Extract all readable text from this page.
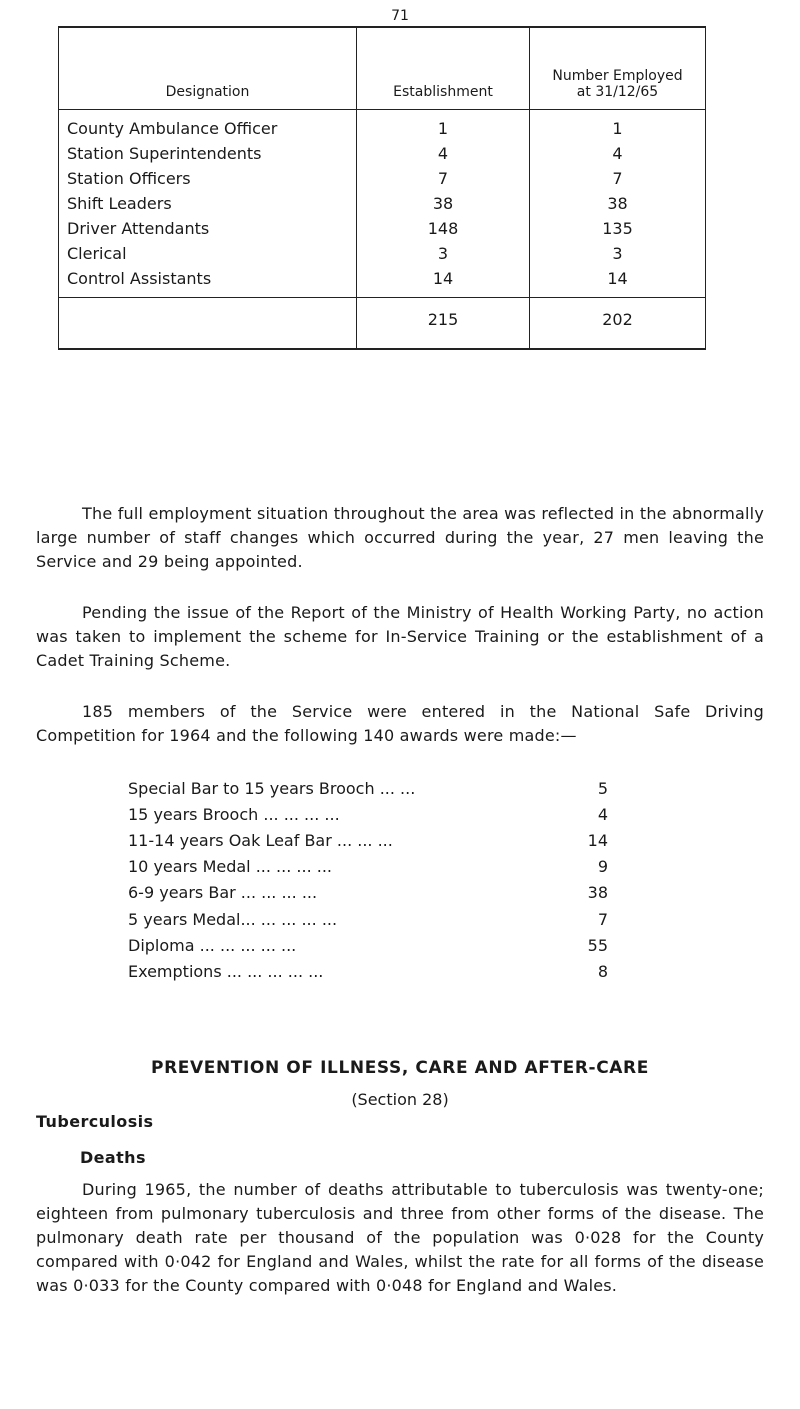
71
Designation	Establishment	Number Employed
at 31/12/65

County Ambulance Officer	1	1
Station Superintendents	4	4
Station Officers	7	7
Shift Leaders	38	38
Driver Attendants	148	135
Clerical	3	3
Control Assistants	14	14
	215	202

The full employment situation throughout the area was reflected in the abnormally large number of staff changes which occurred during the year, 27 men leaving the Service and 29 being appointed.

Pending the issue of the Report of the Ministry of Health Working Party, no action was taken to implement the scheme for In-Service Training or the establishment of a Cadet Training Scheme.

185 members of the Service were entered in the National Safe Driving Competition for 1964 and the following 140 awards were made:—

Special Bar to 15 years Brooch ... ...	5
15 years Brooch ... ... ... ...	4
11-14 years Oak Leaf Bar ... ... ...	14
10 years Medal ... ... ... ...	9
6-9 years Bar ... ... ... ...	38
5 years Medal... ... ... ... ...	7
Diploma ... ... ... ... ...	55
Exemptions ... ... ... ... ...	8
PREVENTION OF ILLNESS, CARE AND AFTER-CARE
(Section 28)
Tuberculosis
Deaths

During 1965, the number of deaths attributable to tuberculosis was twenty-one; eighteen from pulmonary tuberculosis and three from other forms of the disease. The pulmonary death rate per thousand of the population was 0·028 for the County compared with 0·042 for England and Wales, whilst the rate for all forms of the disease was 0·033 for the County compared with 0·048 for England and Wales.
